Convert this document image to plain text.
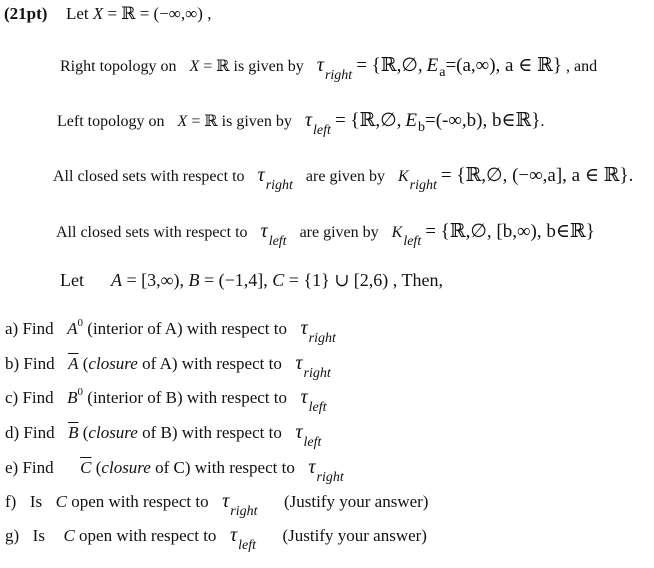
(21pt) Let X = ℝ = (−∞,∞) ,
Right topology on X = ℝ is given by τright = {ℝ,∅, Ea=(a,∞), a ∈ ℝ} , and
Left topology on X = ℝ is given by τleft = {ℝ,∅, Eb=(-∞,b), b∈ℝ}.
All closed sets with respect to τright  are given by Kright = {ℝ,∅, (−∞,a], a ∈ ℝ}.
All closed sets with respect to τleft  are given by Kleft = {ℝ,∅, [b,∞), b∈ℝ}
Let A = [3,∞), B = (−1,4], C = {1} ∪ [2,6) , Then,
a) Find $A^0$ (interior of A) with respect to $\tau_{right}$
b) Find $\overline{A}$ (closure of A) with respect to $\tau_{right}$
c) Find $B^0$ (interior of B) with respect to $\tau_{left}$
d) Find $\overline{B}$ (closure of B) with respect to $\tau_{left}$
e) Find $\overline{C}$ (closure of C) with respect to $\tau_{right}$
f) Is C open with respect to $\tau_{right}$  (Justify your answer)
g) Is C open with respect to $\tau_{left}$  (Justify your answer)
